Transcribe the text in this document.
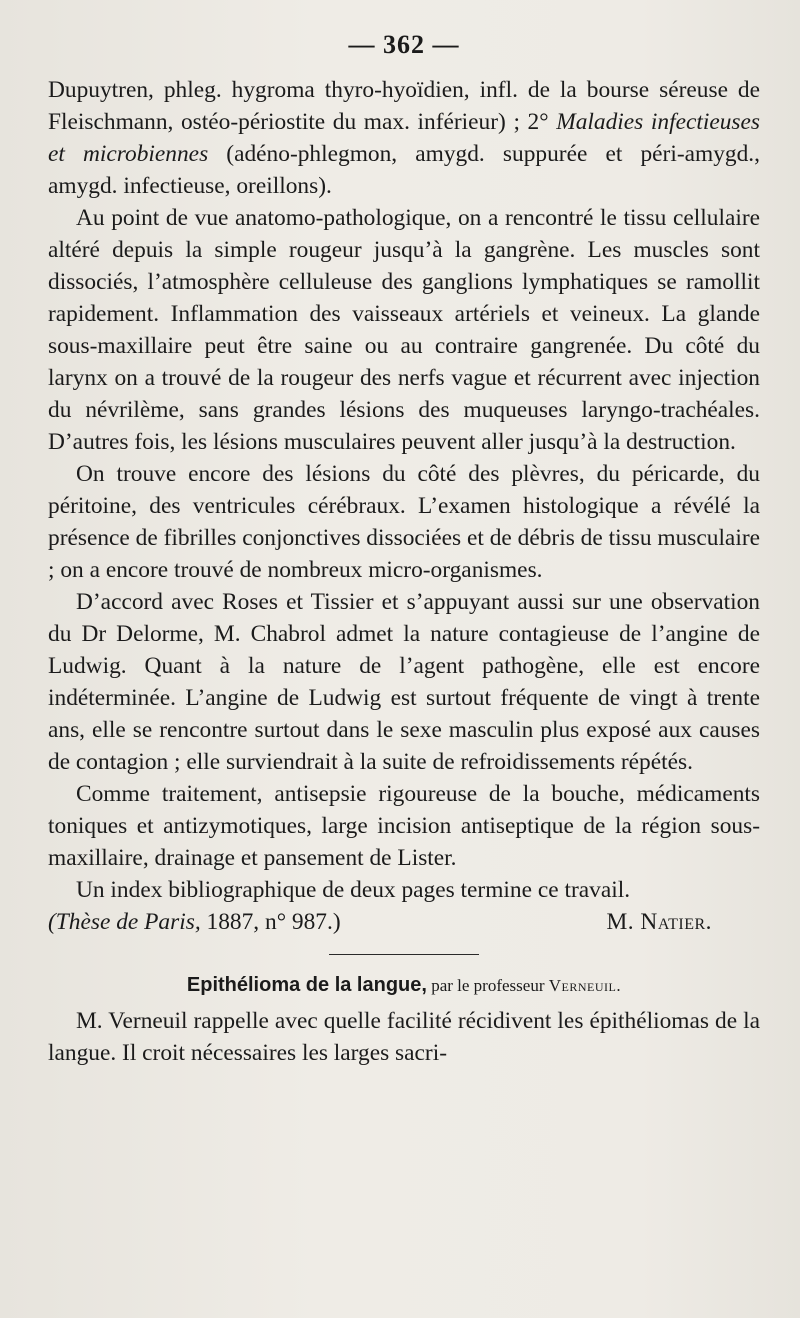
— 362 —

Dupuytren, phleg. hygroma thyro-hyoïdien, infl. de la bourse séreuse de Fleischmann, ostéo-périostite du max. inférieur) ; 2° Maladies infectieuses et microbiennes (adéno-phlegmon, amygd. suppurée et péri-amygd., amygd. infectieuse, oreillons).

Au point de vue anatomo-pathologique, on a rencontré le tissu cellulaire altéré depuis la simple rougeur jusqu’à la gangrène. Les muscles sont dissociés, l’atmosphère celluleuse des ganglions lymphatiques se ramollit rapidement. Inflammation des vaisseaux artériels et veineux. La glande sous-maxillaire peut être saine ou au contraire gangrenée. Du côté du larynx on a trouvé de la rougeur des nerfs vague et récurrent avec injection du névrilème, sans grandes lésions des muqueuses laryngo-trachéales. D’autres fois, les lésions musculaires peuvent aller jusqu’à la destruction.

On trouve encore des lésions du côté des plèvres, du péricarde, du péritoine, des ventricules cérébraux. L’examen histologique a révélé la présence de fibrilles conjonctives dissociées et de débris de tissu musculaire ; on a encore trouvé de nombreux micro-organismes.

D’accord avec Roses et Tissier et s’appuyant aussi sur une observation du Dr Delorme, M. Chabrol admet la nature contagieuse de l’angine de Ludwig. Quant à la nature de l’agent pathogène, elle est encore indéterminée. L’angine de Ludwig est surtout fréquente de vingt à trente ans, elle se rencontre surtout dans le sexe masculin plus exposé aux causes de contagion ; elle surviendrait à la suite de refroidissements répétés.

Comme traitement, antisepsie rigoureuse de la bouche, médicaments toniques et antizymotiques, large incision antiseptique de la région sous-maxillaire, drainage et pansement de Lister.

Un index bibliographique de deux pages termine ce travail.

(Thèse de Paris, 1887, n° 987.)	M. Natier.
Epithélioma de la langue, par le professeur Verneuil.

M. Verneuil rappelle avec quelle facilité récidivent les épithéliomas de la langue. Il croit nécessaires les larges sacri-
